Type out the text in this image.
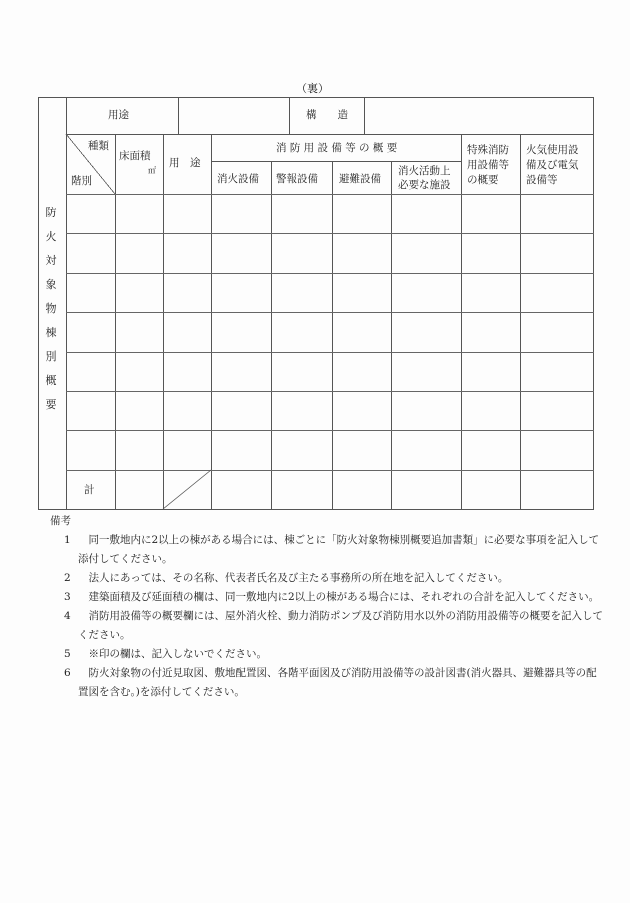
（裏）
用途	構　　造
種類
階別
床面積
㎡
用　途
消 防 用 設 備 等 の 概 要
消火設備 警報設備 避難設備
消火活動上
必要な施設
特殊消防
用設備等
の概要
火気使用設
備及び電気
設備等
防
火
対
象
物
棟
別
概
要
計
備考
1　同一敷地内に2以上の棟がある場合には、棟ごとに「防火対象物棟別概要追加書類」に必要な事項を記入して添付してください。
2　法人にあっては、その名称、代表者氏名及び主たる事務所の所在地を記入してください。
3　建築面積及び延面積の欄は、同一敷地内に2以上の棟がある場合には、それぞれの合計を記入してください。
4　消防用設備等の概要欄には、屋外消火栓、動力消防ポンプ及び消防用水以外の消防用設備等の概要を記入してください。
5　※印の欄は、記入しないでください。
6　防火対象物の付近見取図、敷地配置図、各階平面図及び消防用設備等の設計図書(消火器具、避難器具等の配置図を含む。)を添付してください。
